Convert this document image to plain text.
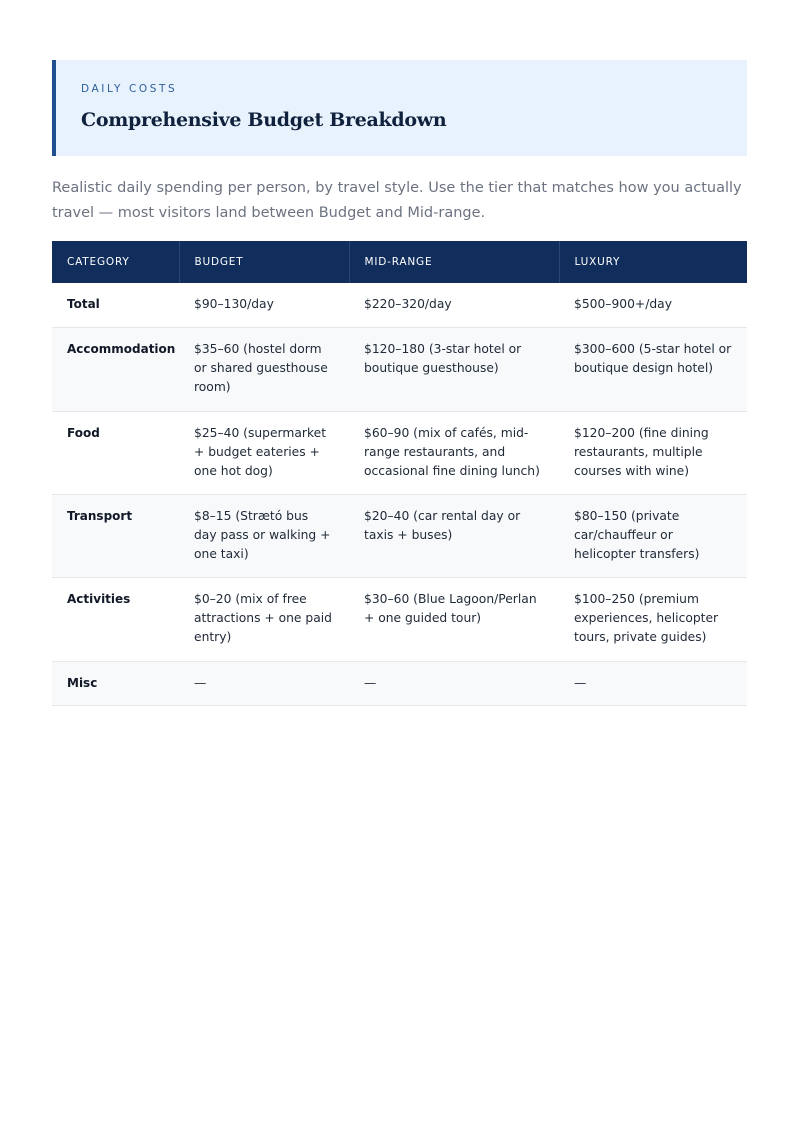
DAILY COSTS
Comprehensive Budget Breakdown

Realistic daily spending per person, by travel style. Use the tier that matches how you actually travel — most visitors land between Budget and Mid-range.

CATEGORY	BUDGET	MID-RANGE	LUXURY
Total	$90–130/day	$220–320/day	$500–900+/day
Accommodation	$35–60 (hostel dorm or shared guesthouse room)	$120–180 (3-star hotel or boutique guesthouse)	$300–600 (5-star hotel or boutique design hotel)
Food	$25–40 (supermarket + budget eateries + one hot dog)	$60–90 (mix of cafés, mid-range restaurants, and occasional fine dining lunch)	$120–200 (fine dining restaurants, multiple courses with wine)
Transport	$8–15 (Strætó bus day pass or walking + one taxi)	$20–40 (car rental day or taxis + buses)	$80–150 (private car/chauffeur or helicopter transfers)
Activities	$0–20 (mix of free attractions + one paid entry)	$30–60 (Blue Lagoon/Perlan + one guided tour)	$100–250 (premium experiences, helicopter tours, private guides)
Misc	—	—	—
